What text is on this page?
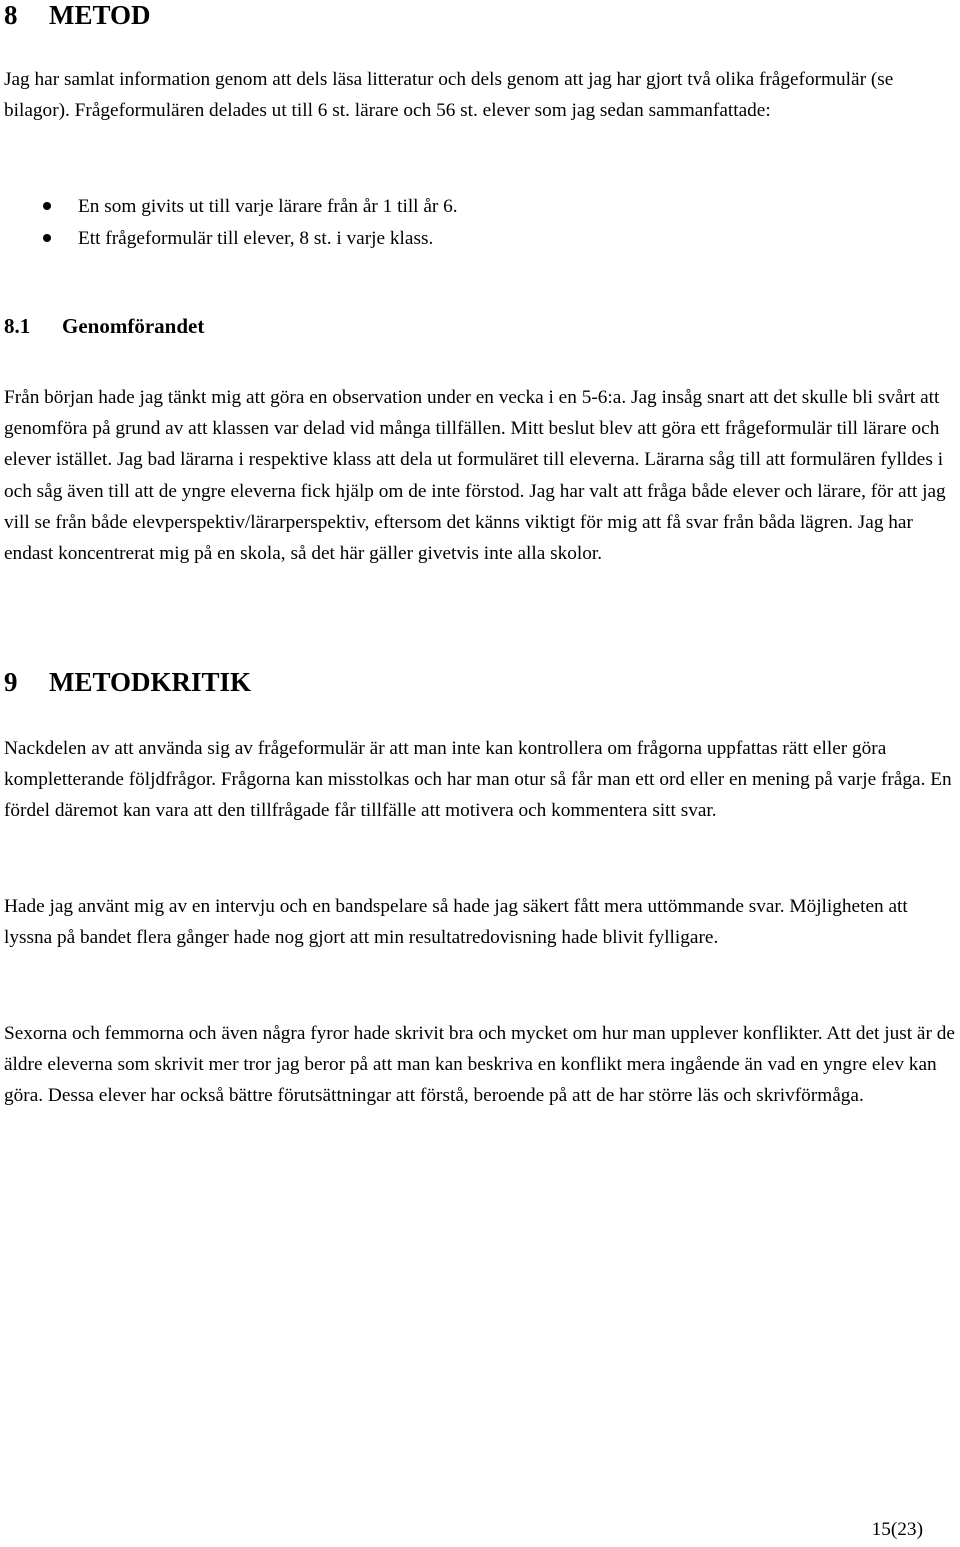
8 METOD

Jag har samlat information genom att dels läsa litteratur och dels genom att jag har gjort två olika frågeformulär (se bilagor). Frågeformulären delades ut till 6 st. lärare och 56 st. elever som jag sedan sammanfattade:

En som givits ut till varje lärare från år 1 till år 6.
Ett frågeformulär till elever, 8 st. i varje klass.
8.1 Genomförandet

Från början hade jag tänkt mig att göra en observation under en vecka i en 5-6:a. Jag insåg snart att det skulle bli svårt att genomföra på grund av att klassen var delad vid många tillfällen. Mitt beslut blev att göra ett frågeformulär till lärare och elever istället. Jag bad lärarna i respektive klass att dela ut formuläret till eleverna. Lärarna såg till att formulären fylldes i och såg även till att de yngre eleverna fick hjälp om de inte förstod. Jag har valt att fråga både elever och lärare, för att jag vill se från både elevperspektiv/lärarperspektiv, eftersom det känns viktigt för mig att få svar från båda lägren. Jag har endast koncentrerat mig på en skola, så det här gäller givetvis inte alla skolor.

9 METODKRITIK

Nackdelen av att använda sig av frågeformulär är att man inte kan kontrollera om frågorna uppfattas rätt eller göra kompletterande följdfrågor. Frågorna kan misstolkas och har man otur så får man ett ord eller en mening på varje fråga. En fördel däremot kan vara att den tillfrågade får tillfälle att motivera och kommentera sitt svar.

Hade jag använt mig av en intervju och en bandspelare så hade jag säkert fått mera uttömmande svar. Möjligheten att lyssna på bandet flera gånger hade nog gjort att min resultatredovisning hade blivit fylligare.

Sexorna och femmorna och även några fyror hade skrivit bra och mycket om hur man upplever konflikter. Att det just är de äldre eleverna som skrivit mer tror jag beror på att man kan beskriva en konflikt mera ingående än vad en yngre elev kan göra. Dessa elever har också bättre förutsättningar att förstå, beroende på att de har större läs och skrivförmåga.

15(23)
